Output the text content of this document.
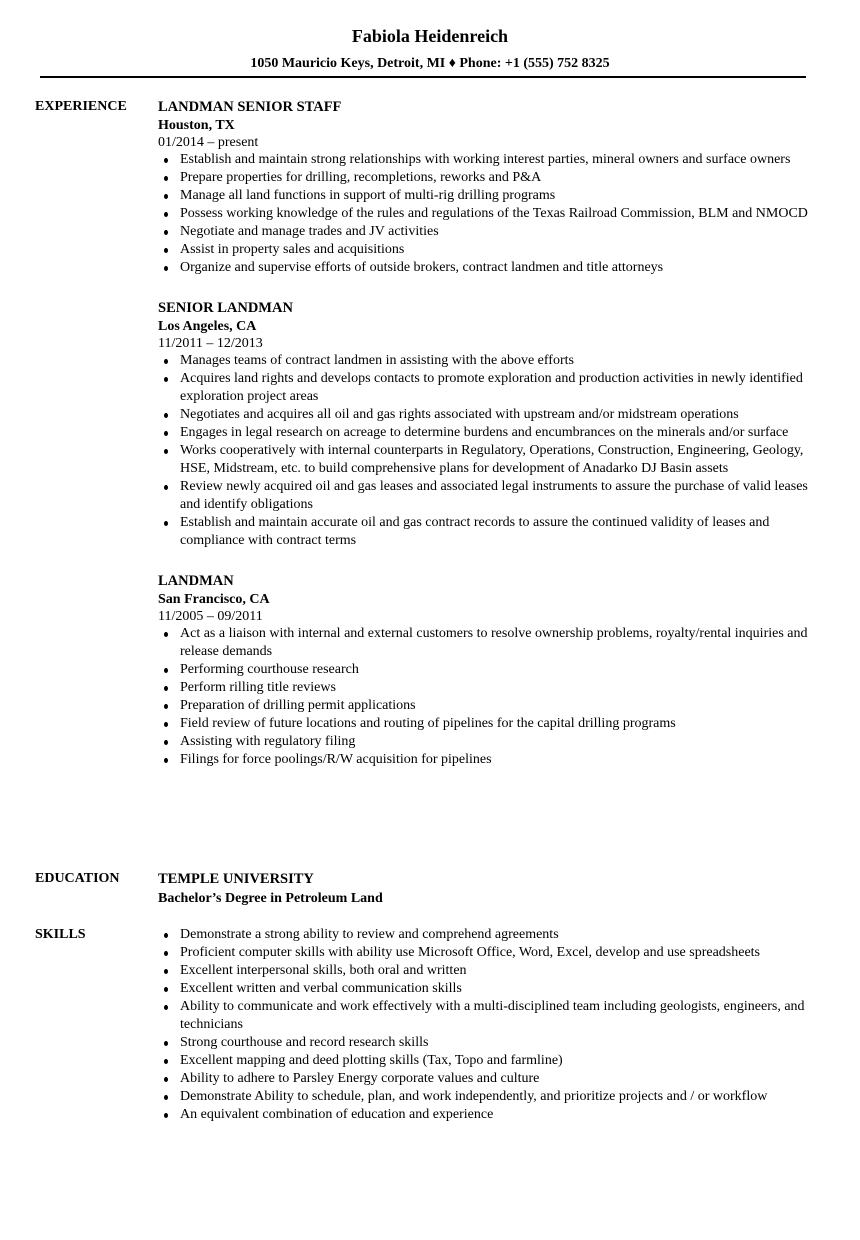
Fabiola Heidenreich
1050 Mauricio Keys, Detroit, MI ♦ Phone: +1 (555) 752 8325
EXPERIENCE LANDMAN SENIOR STAFF
Houston, TX
01/2014 – present
Establish and maintain strong relationships with working interest parties, mineral owners and surface owners
Prepare properties for drilling, recompletions, reworks and P&A
Manage all land functions in support of multi-rig drilling programs
Possess working knowledge of the rules and regulations of the Texas Railroad Commission, BLM and NMOCD
Negotiate and manage trades and JV activities
Assist in property sales and acquisitions
Organize and supervise efforts of outside brokers, contract landmen and title attorneys
SENIOR LANDMAN
Los Angeles, CA
11/2011 – 12/2013
Manages teams of contract landmen in assisting with the above efforts
Acquires land rights and develops contacts to promote exploration and production activities in newly identified exploration project areas
Negotiates and acquires all oil and gas rights associated with upstream and/or midstream operations
Engages in legal research on acreage to determine burdens and encumbrances on the minerals and/or surface
Works cooperatively with internal counterparts in Regulatory, Operations, Construction, Engineering, Geology, HSE, Midstream, etc. to build comprehensive plans for development of Anadarko DJ Basin assets
Review newly acquired oil and gas leases and associated legal instruments to assure the purchase of valid leases and identify obligations
Establish and maintain accurate oil and gas contract records to assure the continued validity of leases and compliance with contract terms
LANDMAN
San Francisco, CA
11/2005 – 09/2011
Act as a liaison with internal and external customers to resolve ownership problems, royalty/rental inquiries and release demands
Performing courthouse research
Perform rilling title reviews
Preparation of drilling permit applications
Field review of future locations and routing of pipelines for the capital drilling programs
Assisting with regulatory filing
Filings for force poolings/R/W acquisition for pipelines
EDUCATION	TEMPLE UNIVERSITY
Bachelor’s Degree in Petroleum Land
SKILLS	Demonstrate a strong ability to review and comprehend agreements
Proficient computer skills with ability use Microsoft Office, Word, Excel, develop and use spreadsheets
Excellent interpersonal skills, both oral and written
Excellent written and verbal communication skills
Ability to communicate and work effectively with a multi-disciplined team including geologists, engineers, and technicians
Strong courthouse and record research skills
Excellent mapping and deed plotting skills (Tax, Topo and farmline)
Ability to adhere to Parsley Energy corporate values and culture
Demonstrate Ability to schedule, plan, and work independently, and prioritize projects and / or workflow
An equivalent combination of education and experience
